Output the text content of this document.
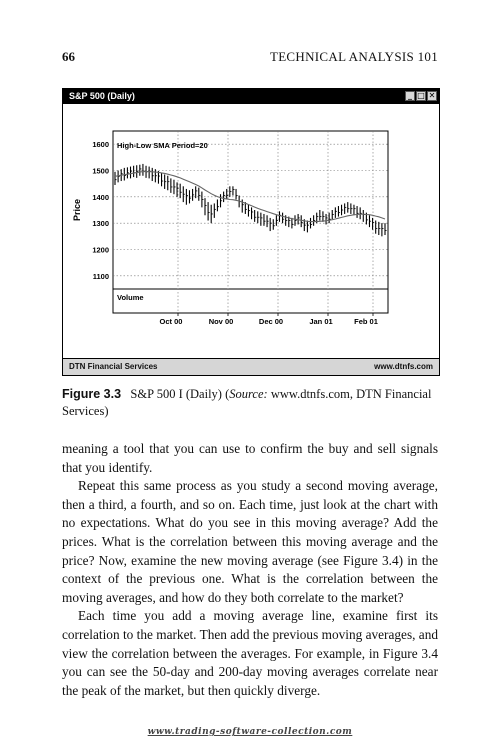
66	TECHNICAL ANALYSIS 101
1600
1500
1400
1300
1200
1100
Oct 00	Nov 00	Dec 00	Jan 01	Feb 01
Price
High-Low SMA Period=20
Volume
S&P 500 (Daily)	_ □ ✕
DTN Financial Services	www.dtnfs.com
Figure 3.3 S&P 500 I (Daily) (Source: www.dtnfs.com, DTN Financial Services)

meaning a tool that you can use to confirm the buy and sell signals that you identify.

Repeat this same process as you study a second moving average, then a third, a fourth, and so on. Each time, just look at the chart with no expectations. What do you see in this moving average? Add the prices. What is the correlation between this moving average and the price? Now, examine the new moving average (see Figure 3.4) in the context of the previous one. What is the correlation between the moving averages, and how do they both correlate to the market?

Each time you add a moving average line, examine first its correlation to the market. Then add the previous moving averages, and view the correlation between the averages. For example, in Figure 3.4 you can see the 50-day and 200-day moving averages correlate near the peak of the market, but then quickly diverge.

www.trading-software-collection.com
